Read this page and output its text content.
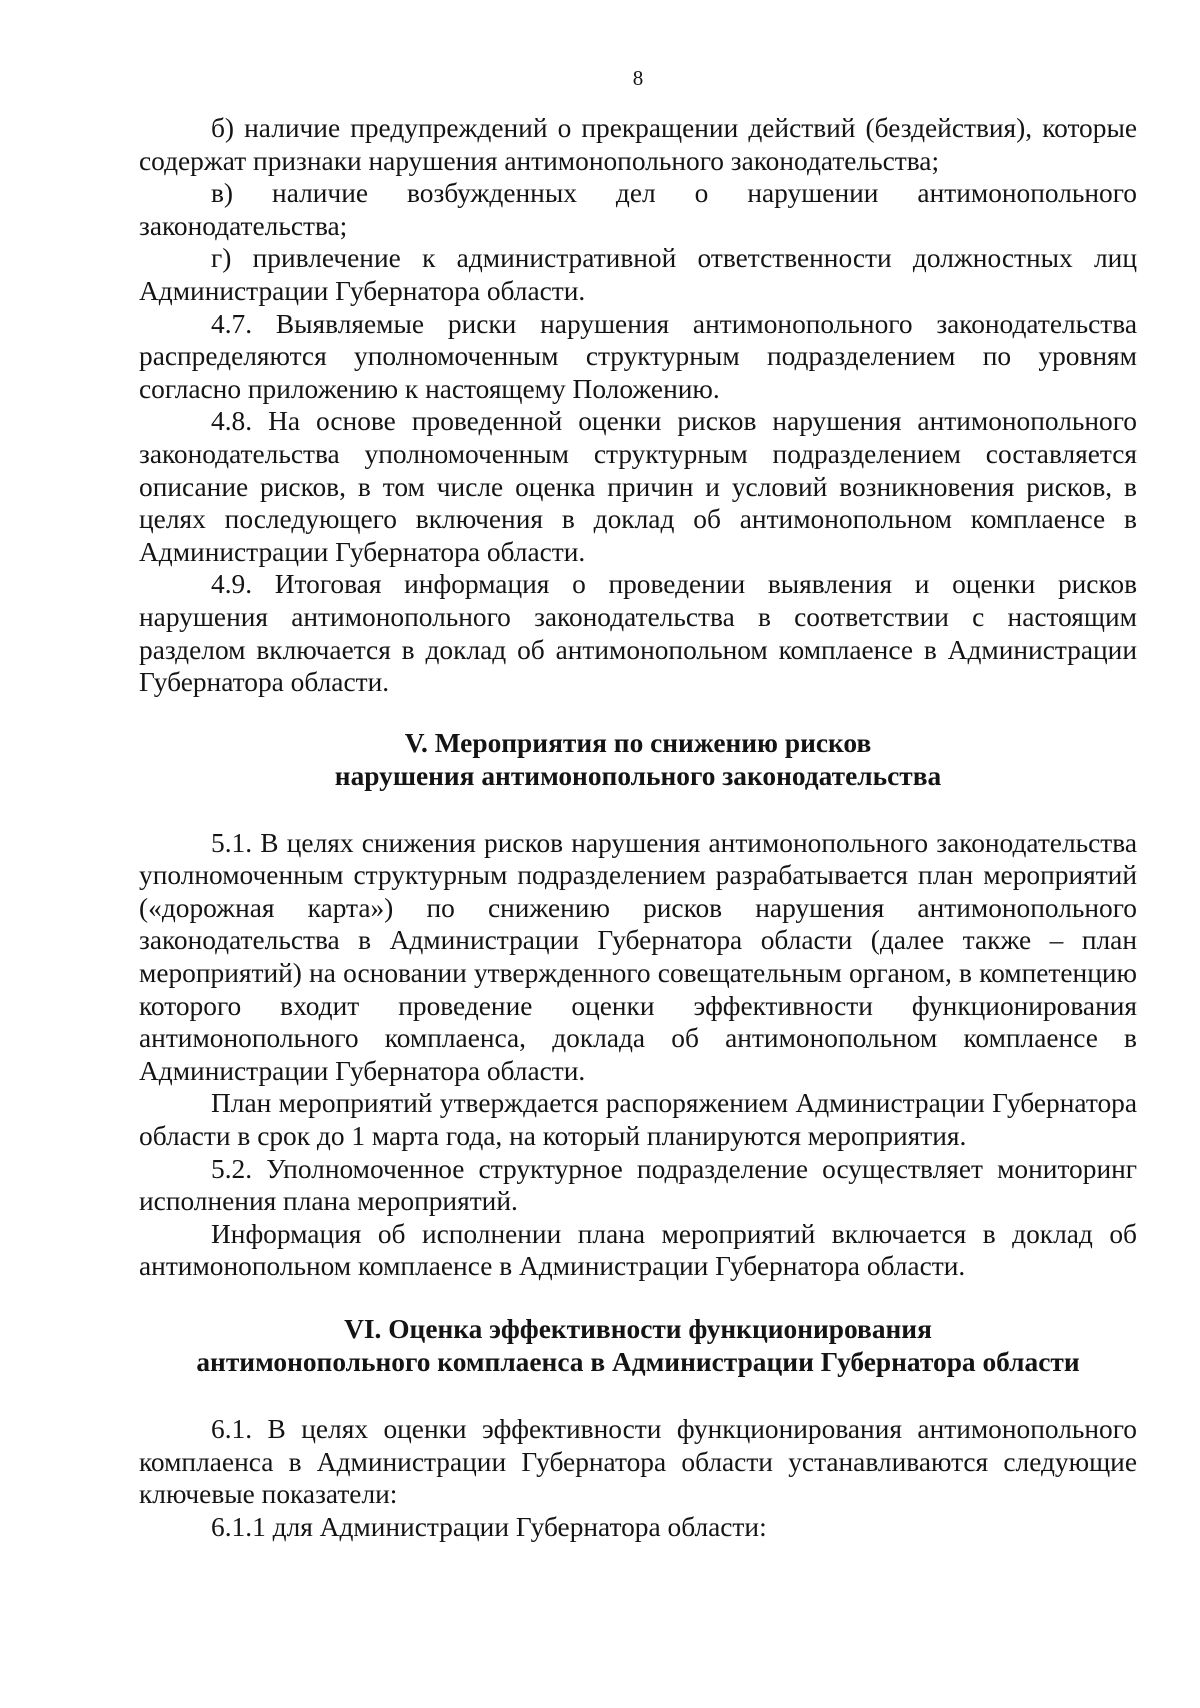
8

б) наличие предупреждений о прекращении действий (бездействия), которые содержат признаки нарушения антимонопольного законодательства;

в) наличие возбужденных дел о нарушении антимонопольного законодательства;

г) привлечение к административной ответственности должностных лиц Администрации Губернатора области.

4.7. Выявляемые риски нарушения антимонопольного законодательства распределяются уполномоченным структурным подразделением по уровням согласно приложению к настоящему Положению.

4.8. На основе проведенной оценки рисков нарушения антимонопольного законодательства уполномоченным структурным подразделением составляется описание рисков, в том числе оценка причин и условий возникновения рисков, в целях последующего включения в доклад об антимонопольном комплаенсе в Администрации Губернатора области.

4.9. Итоговая информация о проведении выявления и оценки рисков нарушения антимонопольного законодательства в соответствии с настоящим разделом включается в доклад об антимонопольном комплаенсе в Администрации Губернатора области.

V. Мероприятия по снижению рисков
нарушения антимонопольного законодательства

5.1. В целях снижения рисков нарушения антимонопольного законодательства уполномоченным структурным подразделением разрабатывается план мероприятий («дорожная карта») по снижению рисков нарушения антимонопольного законодательства в Администрации Губернатора области (далее также – план мероприятий) на основании утвержденного совещательным органом, в компетенцию которого входит проведение оценки эффективности функционирования антимонопольного комплаенса, доклада об антимонопольном комплаенсе в Администрации Губернатора области.

План мероприятий утверждается распоряжением Администрации Губернатора области в срок до 1 марта года, на который планируются мероприятия.

5.2. Уполномоченное структурное подразделение осуществляет мониторинг исполнения плана мероприятий.

Информация об исполнении плана мероприятий включается в доклад об антимонопольном комплаенсе в Администрации Губернатора области.

VI. Оценка эффективности функционирования
антимонопольного комплаенса в Администрации Губернатора области

6.1. В целях оценки эффективности функционирования антимонопольного комплаенса в Администрации Губернатора области устанавливаются следующие ключевые показатели:

6.1.1 для Администрации Губернатора области:
